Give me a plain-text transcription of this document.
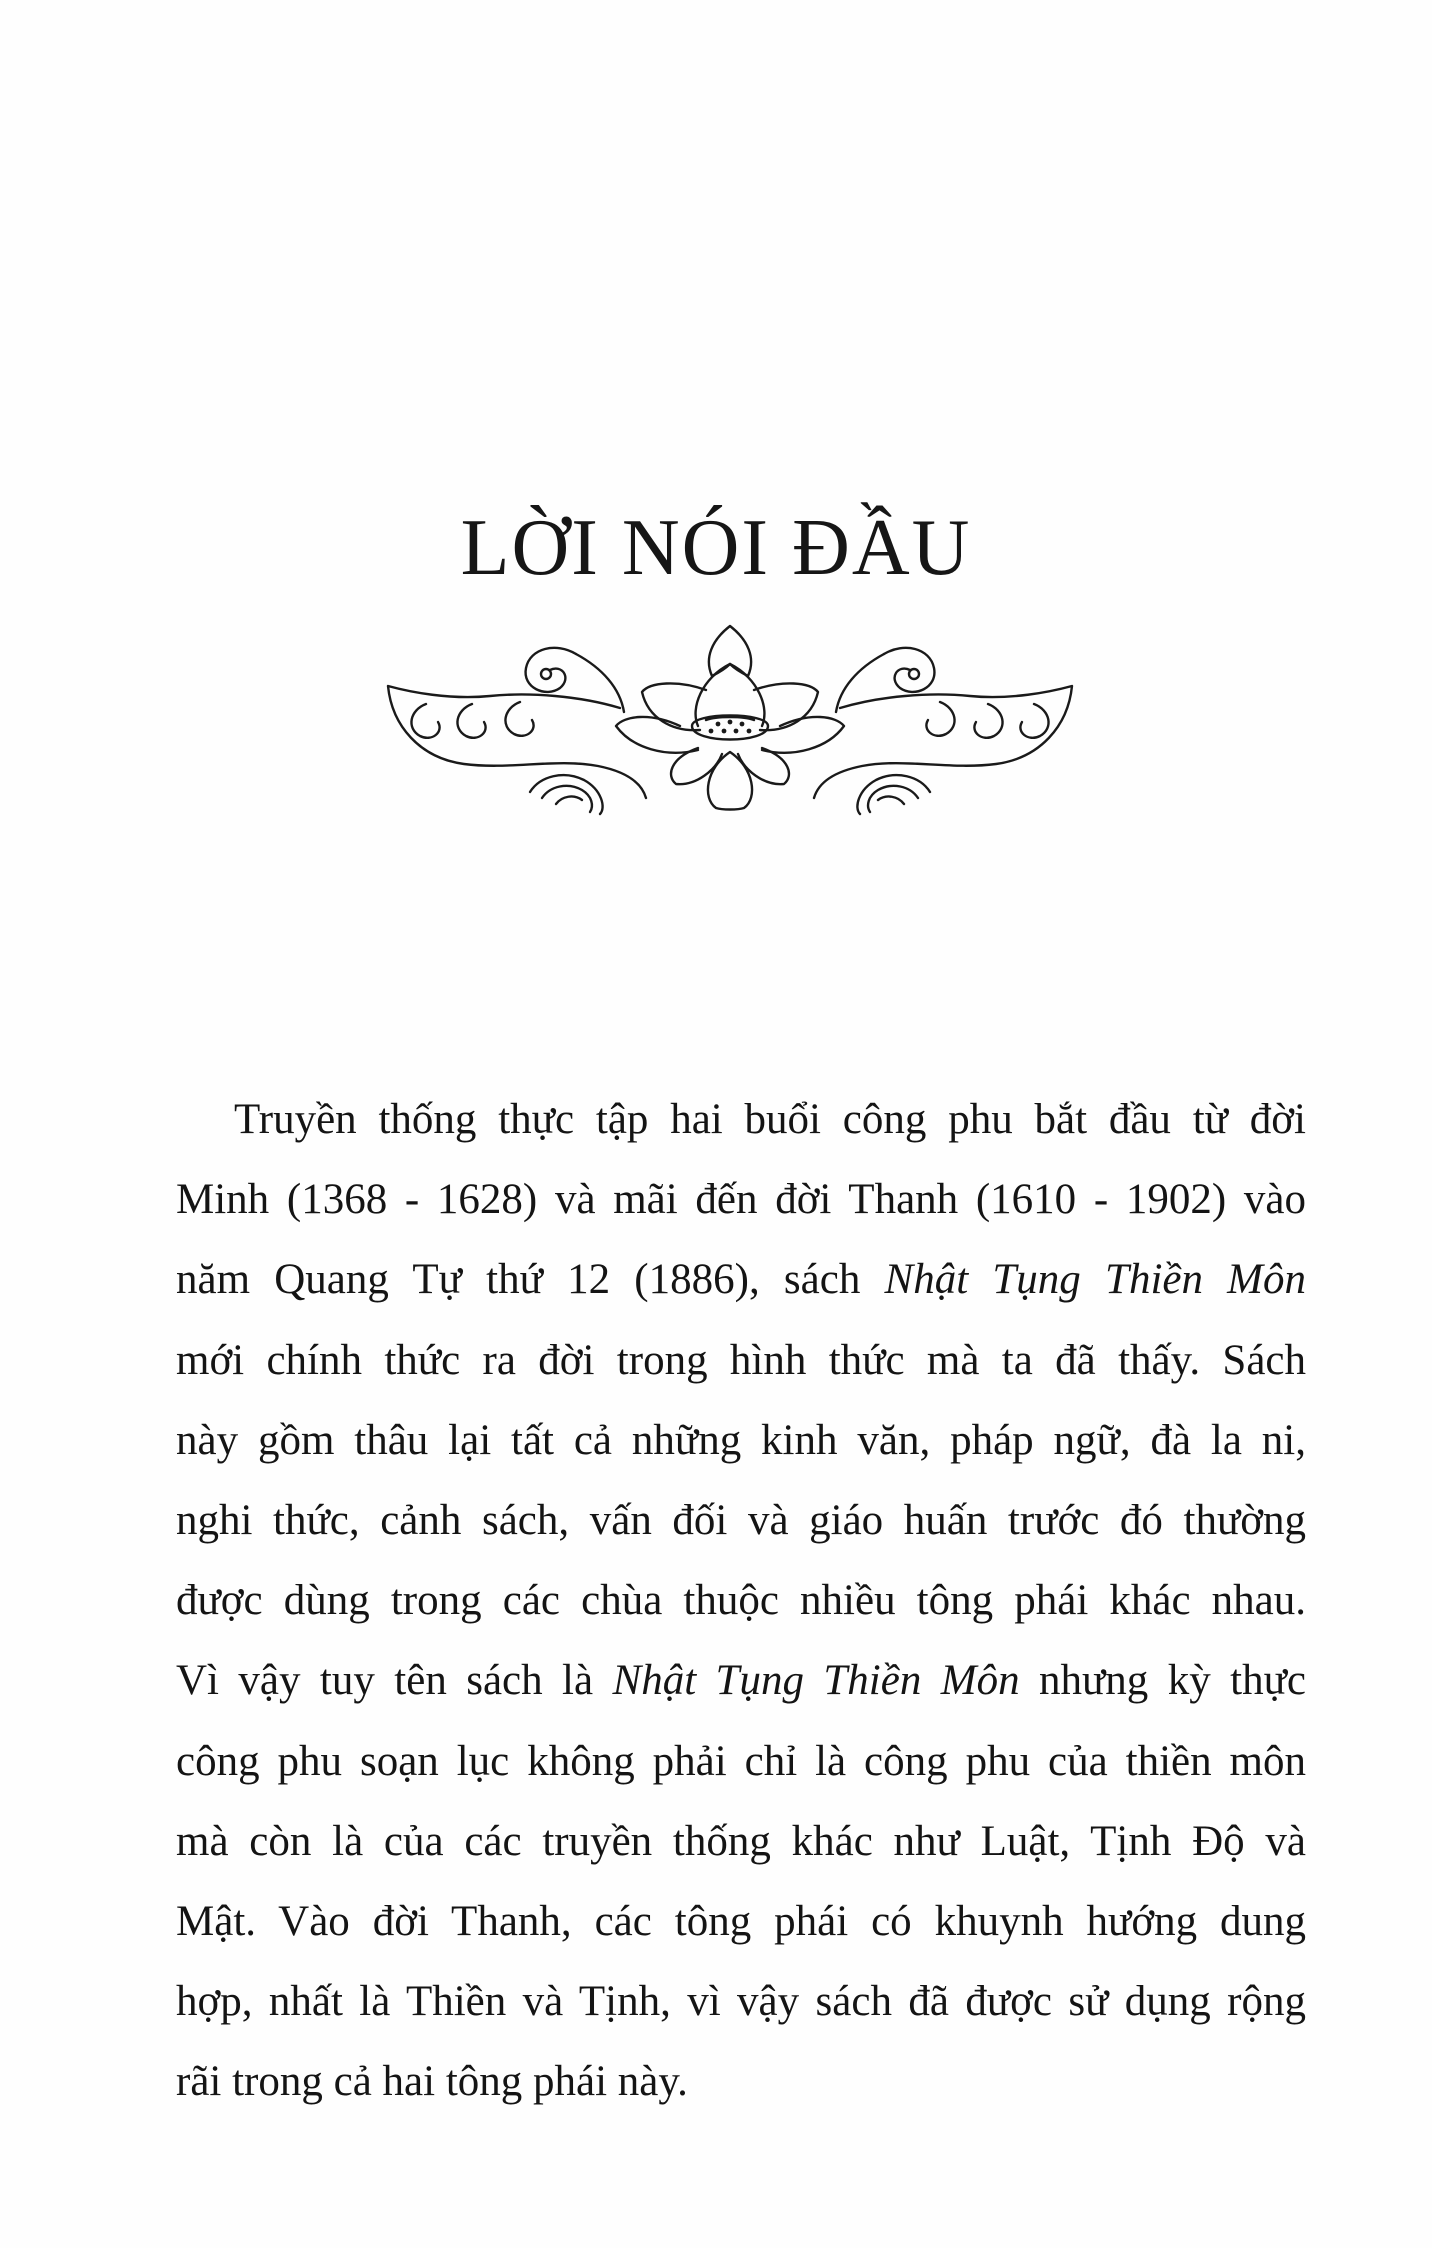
LỜI NÓI ĐẦU

Truyền thống thực tập hai buổi công phu bắt đầu từ đời
Minh (1368 - 1628) và mãi đến đời Thanh (1610 - 1902) vào
năm Quang Tự thứ 12 (1886), sách Nhật Tụng Thiền Môn
mới chính thức ra đời trong hình thức mà ta đã thấy. Sách
này gồm thâu lại tất cả những kinh văn, pháp ngữ, đà la ni,
nghi thức, cảnh sách, vấn đối và giáo huấn trước đó thường
được dùng trong các chùa thuộc nhiều tông phái khác nhau.
Vì vậy tuy tên sách là Nhật Tụng Thiền Môn nhưng kỳ thực
công phu soạn lục không phải chỉ là công phu của thiền môn
mà còn là của các truyền thống khác như Luật, Tịnh Độ và
Mật. Vào đời Thanh, các tông phái có khuynh hướng dung
hợp, nhất là Thiền và Tịnh, vì vậy sách đã được sử dụng rộng
rãi trong cả hai tông phái này.
